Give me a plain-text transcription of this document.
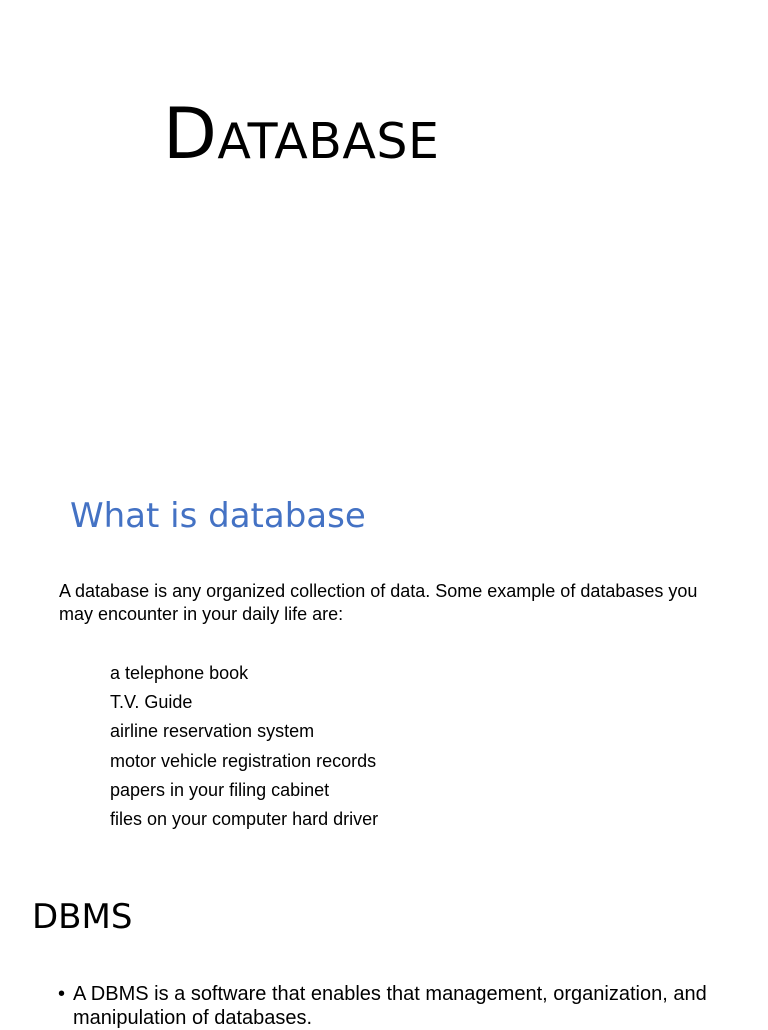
Database
What is database

A database is any organized collection of data. Some example of databases you may encounter in your daily life are:

a telephone book
T.V. Guide
airline reservation system
motor vehicle registration records
papers in your filing cabinet
files on your computer hard driver
DBMS
• A DBMS is a software that enables that management, organization, and manipulation of databases.
